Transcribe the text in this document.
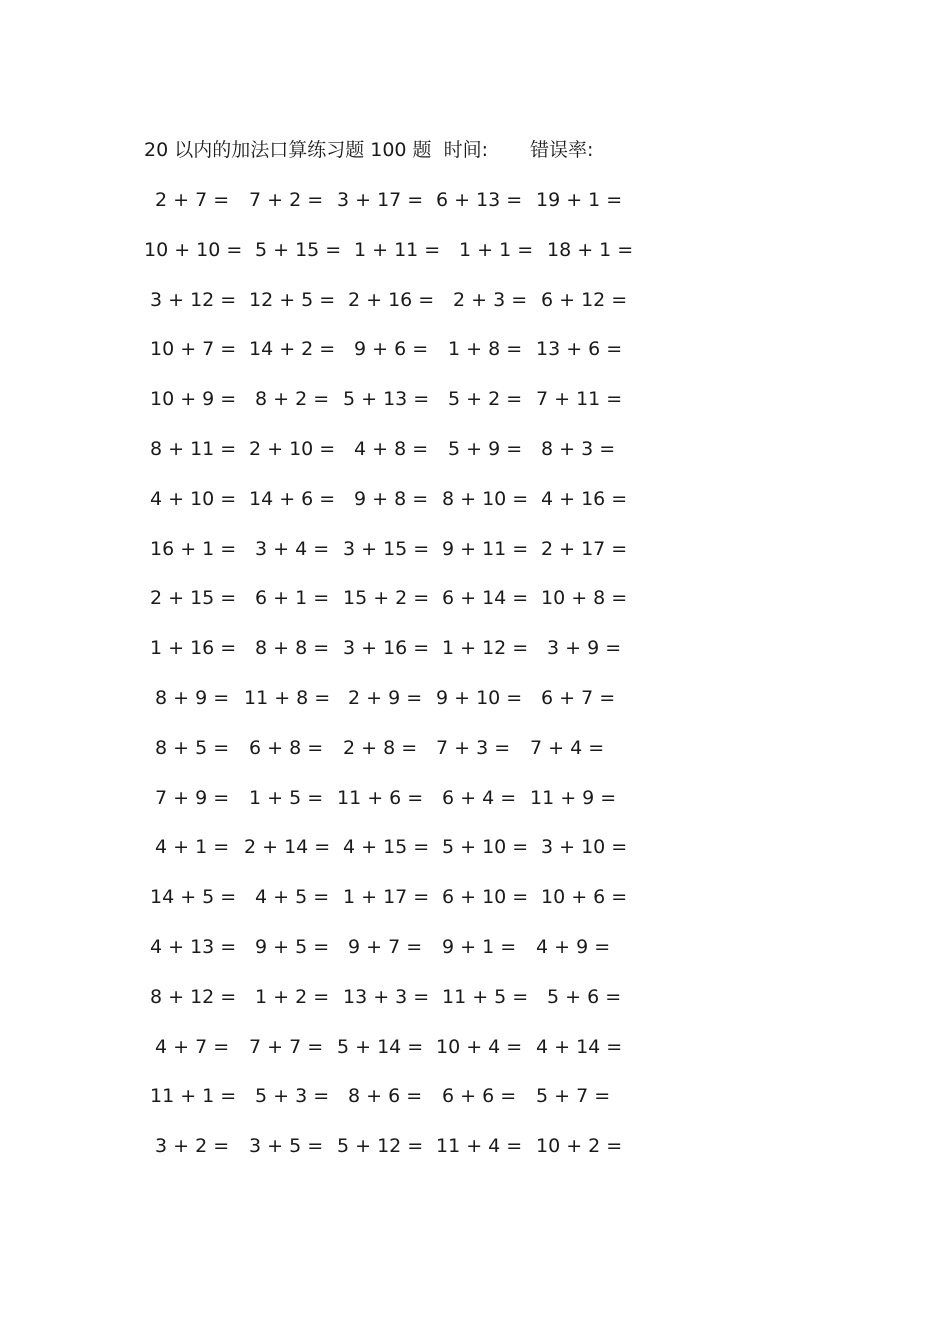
20 以内的加法口算练习题 100 题 时间: 错误率:
2 + 7 = 7 + 2 = 3 + 17 = 6 + 13 = 19 + 1 =
10 + 10 = 5 + 15 = 1 + 11 = 1 + 1 = 18 + 1 =
3 + 12 = 12 + 5 = 2 + 16 = 2 + 3 = 6 + 12 =
10 + 7 = 14 + 2 = 9 + 6 = 1 + 8 = 13 + 6 =
10 + 9 = 8 + 2 = 5 + 13 = 5 + 2 = 7 + 11 =
8 + 11 = 2 + 10 = 4 + 8 = 5 + 9 = 8 + 3 =
4 + 10 = 14 + 6 = 9 + 8 = 8 + 10 = 4 + 16 =
16 + 1 = 3 + 4 = 3 + 15 = 9 + 11 = 2 + 17 =
2 + 15 = 6 + 1 = 15 + 2 = 6 + 14 = 10 + 8 =
1 + 16 = 8 + 8 = 3 + 16 = 1 + 12 = 3 + 9 =
8 + 9 = 11 + 8 = 2 + 9 = 9 + 10 = 6 + 7 =
8 + 5 = 6 + 8 = 2 + 8 = 7 + 3 = 7 + 4 =
7 + 9 = 1 + 5 = 11 + 6 = 6 + 4 = 11 + 9 =
4 + 1 = 2 + 14 = 4 + 15 = 5 + 10 = 3 + 10 =
14 + 5 = 4 + 5 = 1 + 17 = 6 + 10 = 10 + 6 =
4 + 13 = 9 + 5 = 9 + 7 = 9 + 1 = 4 + 9 =
8 + 12 = 1 + 2 = 13 + 3 = 11 + 5 = 5 + 6 =
4 + 7 = 7 + 7 = 5 + 14 = 10 + 4 = 4 + 14 =
11 + 1 = 5 + 3 = 8 + 6 = 6 + 6 = 5 + 7 =
3 + 2 = 3 + 5 = 5 + 12 = 11 + 4 = 10 + 2 =
